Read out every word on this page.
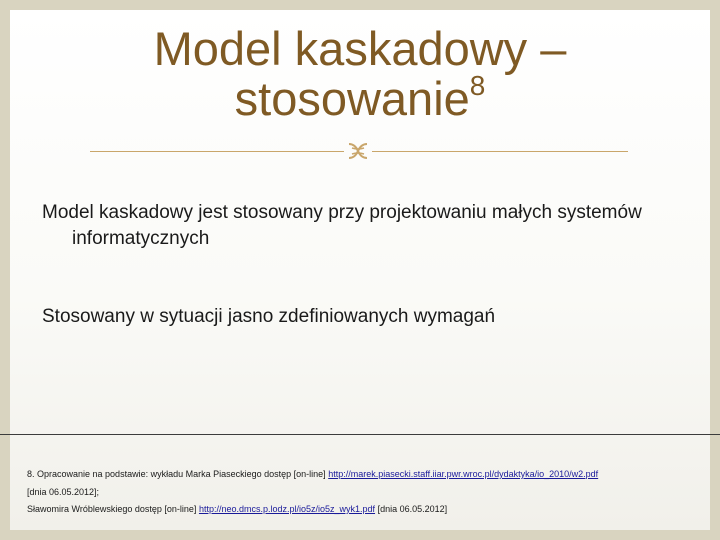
Model kaskadowy –
stosowanie$^8$

Model kaskadowy jest stosowany przy projektowaniu małych systemów informatycznych

Stosowany w sytuacji jasno zdefiniowanych wymagań

8. Opracowanie na podstawie: wykładu Marka Piaseckiego dostęp [on-line] http://marek.piasecki.staff.iiar.pwr.wroc.pl/dydaktyka/io_2010/w2.pdf
[dnia 06.05.2012];
Sławomira Wróblewskiego dostęp [on-line] http://neo.dmcs.p.lodz.pl/io5z/io5z_wyk1.pdf [dnia 06.05.2012]
